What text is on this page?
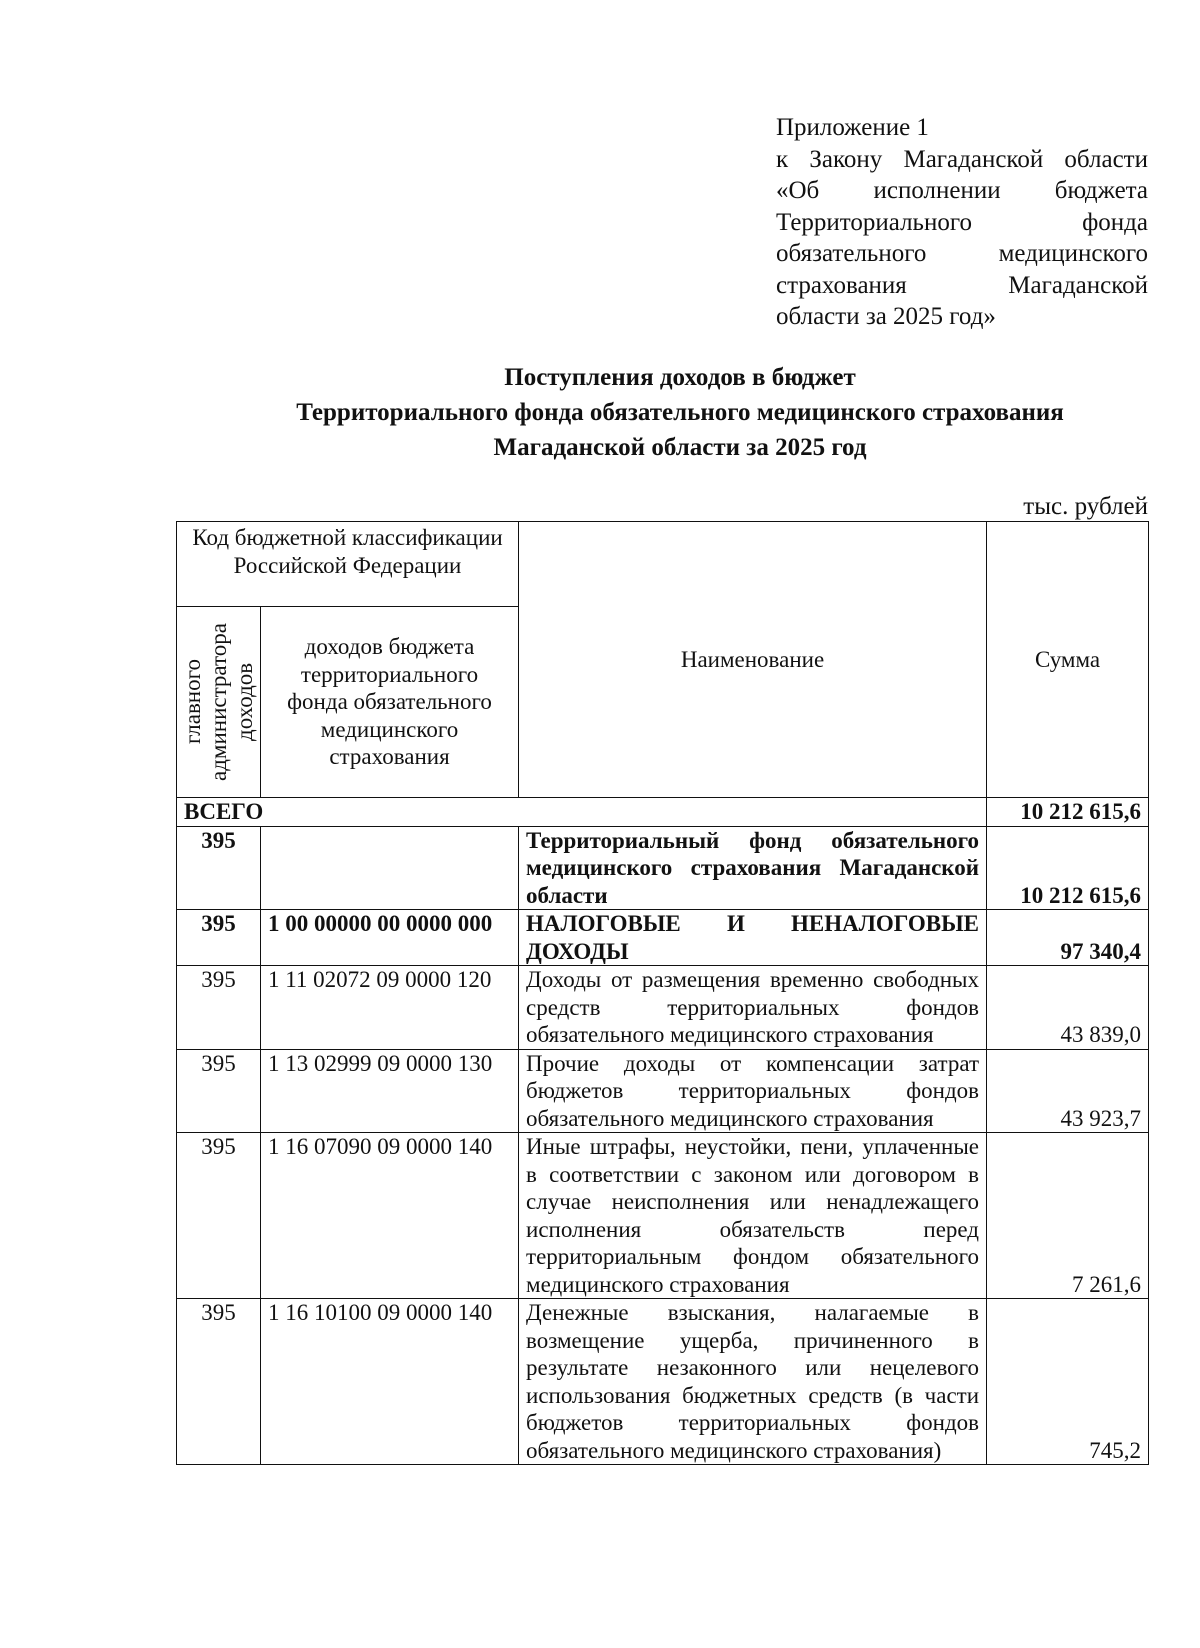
Приложение 1
к Закону Магаданской области
«Об исполнении бюджета
Территориального фонда
обязательного медицинского
страхования Магаданской
области за 2025 год»
Поступления доходов в бюджет
Территориального фонда обязательного медицинского страхования
Магаданской области за 2025 год
тыс. рублей
Код бюджетной классификации Российской Федерации		Наименование	Сумма

главного администратора доходов	доходов бюджета территориального фонда обязательного медицинского страхования		
ВСЕГО			10 212 615,6
395		Территориальный фонд обязательного медицинского страхования Магаданской области	10 212 615,6
395	1 00 00000 00 0000 000	НАЛОГОВЫЕ И НЕНАЛОГОВЫЕ ДОХОДЫ	97 340,4
395	1 11 02072 09 0000 120	Доходы от размещения временно свободных средств территориальных фондов обязательного медицинского страхования	43 839,0
395	1 13 02999 09 0000 130	Прочие доходы от компенсации затрат бюджетов территориальных фондов обязательного медицинского страхования	43 923,7
395	1 16 07090 09 0000 140	Иные штрафы, неустойки, пени, уплаченные в соответствии с законом или договором в случае неисполнения или ненадлежащего исполнения обязательств перед территориальным фондом обязательного медицинского страхования	7 261,6
395	1 16 10100 09 0000 140	Денежные взыскания, налагаемые в возмещение ущерба, причиненного в результате незаконного или нецелевого использования бюджетных средств (в части бюджетов территориальных фондов обязательного медицинского страхования)	745,2
